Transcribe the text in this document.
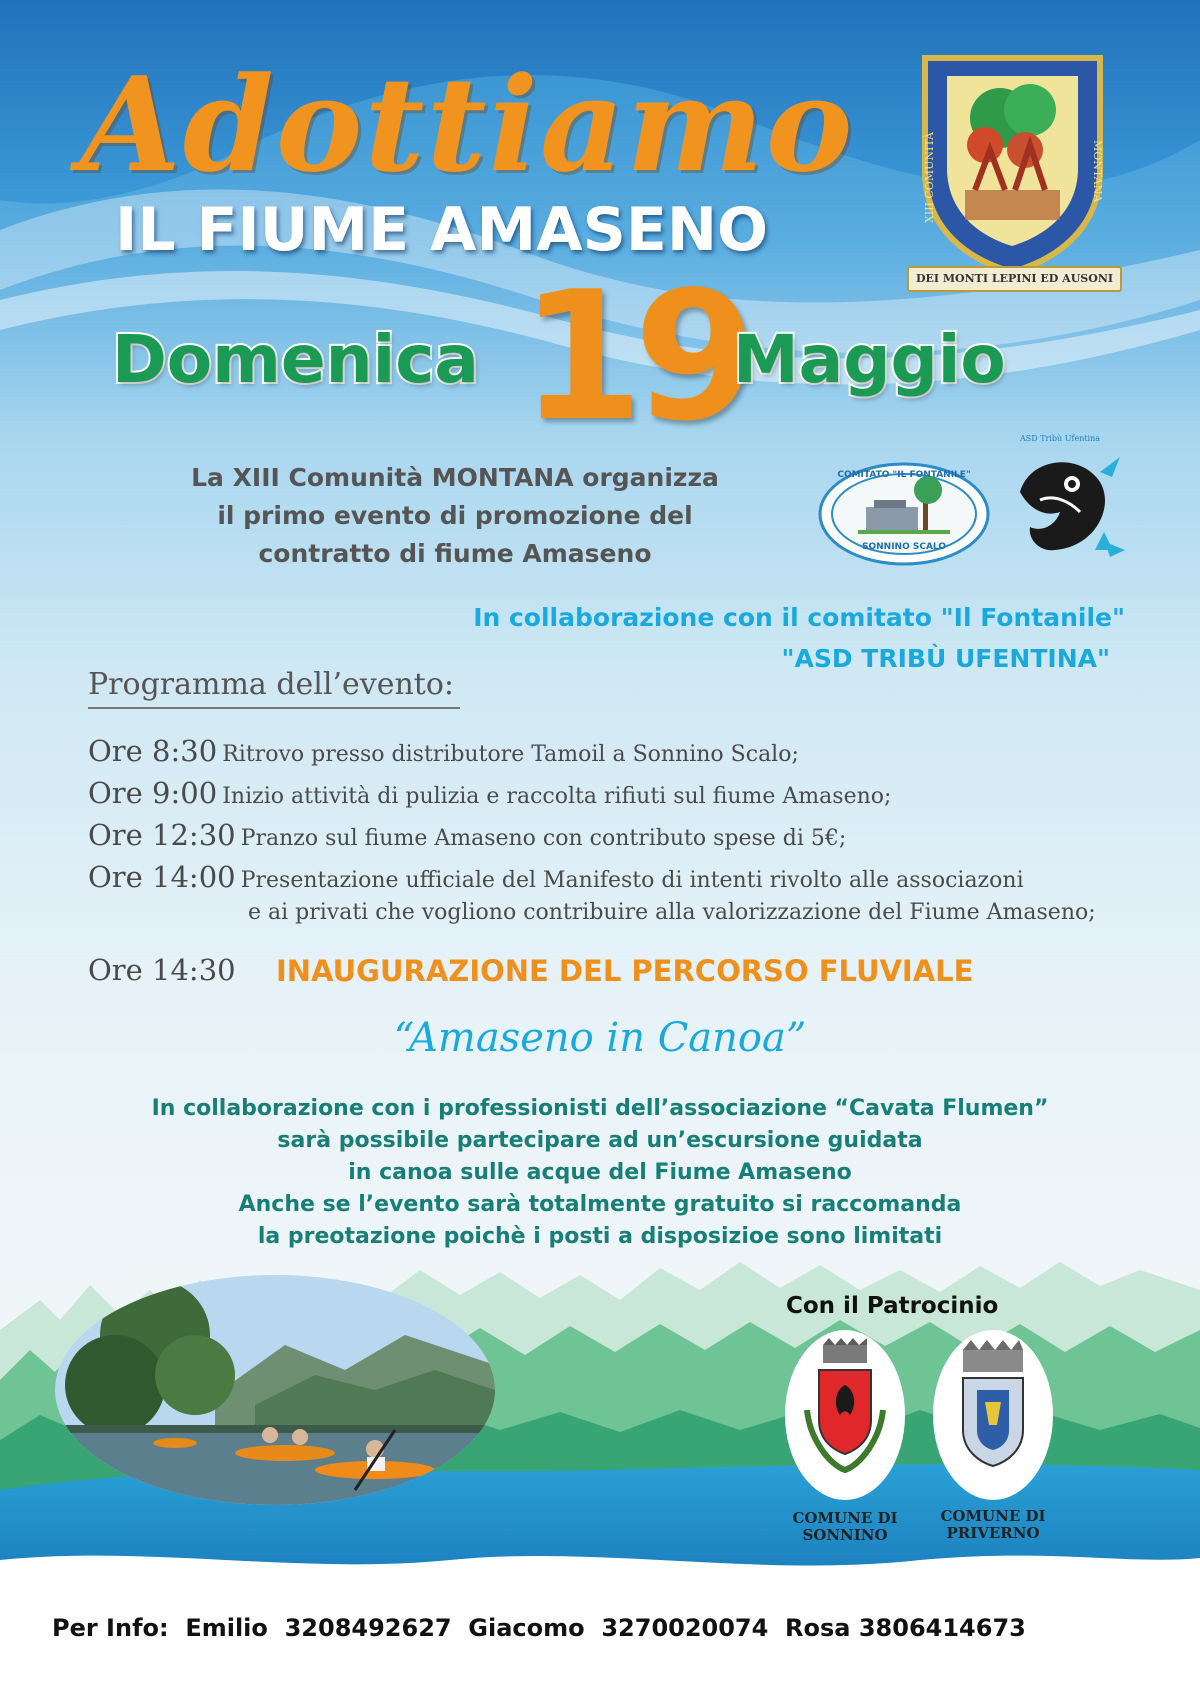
Adottiamo
IL FIUME AMASENO
XIII COMUNITÀ	MONTANA
DEI MONTI LEPINI ED AUSONI
Domenica 19
Maggio
La XIII Comunità MONTANA organizza
il primo evento di promozione del
contratto di fiume Amaseno
COMITATO "IL FONTANILE"
SONNINO SCALO
ASD Tribù Ufentina
In collaborazione con il comitato "Il Fontanile"
"ASD TRIBÙ UFENTINA"
Programma dell’evento:
Ore 8:30 Ritrovo presso distributore Tamoil a Sonnino Scalo;
Ore 9:00 Inizio attività di pulizia e raccolta rifiuti sul fiume Amaseno;
Ore 12:30 Pranzo sul fiume Amaseno con contributo spese di 5€;
Ore 14:00 Presentazione ufficiale del Manifesto di intenti rivolto alle associazoni
e ai privati che vogliono contribuire alla valorizzazione del Fiume Amaseno;
Ore 14:30 INAUGURAZIONE DEL PERCORSO FLUVIALE
“Amaseno in Canoa”
In collaborazione con i professionisti dell’associazione “Cavata Flumen”
sarà possibile partecipare ad un’escursione guidata
in canoa sulle acque del Fiume Amaseno
Anche se l’evento sarà totalmente gratuito si raccomanda
la preotazione poichè i posti a disposizioe sono limitati
Con il Patrocinio
COMUNE DI
SONNINO
COMUNE DI
PRIVERNO
Per Info:  Emilio  3208492627  Giacomo  3270020074  Rosa 3806414673
